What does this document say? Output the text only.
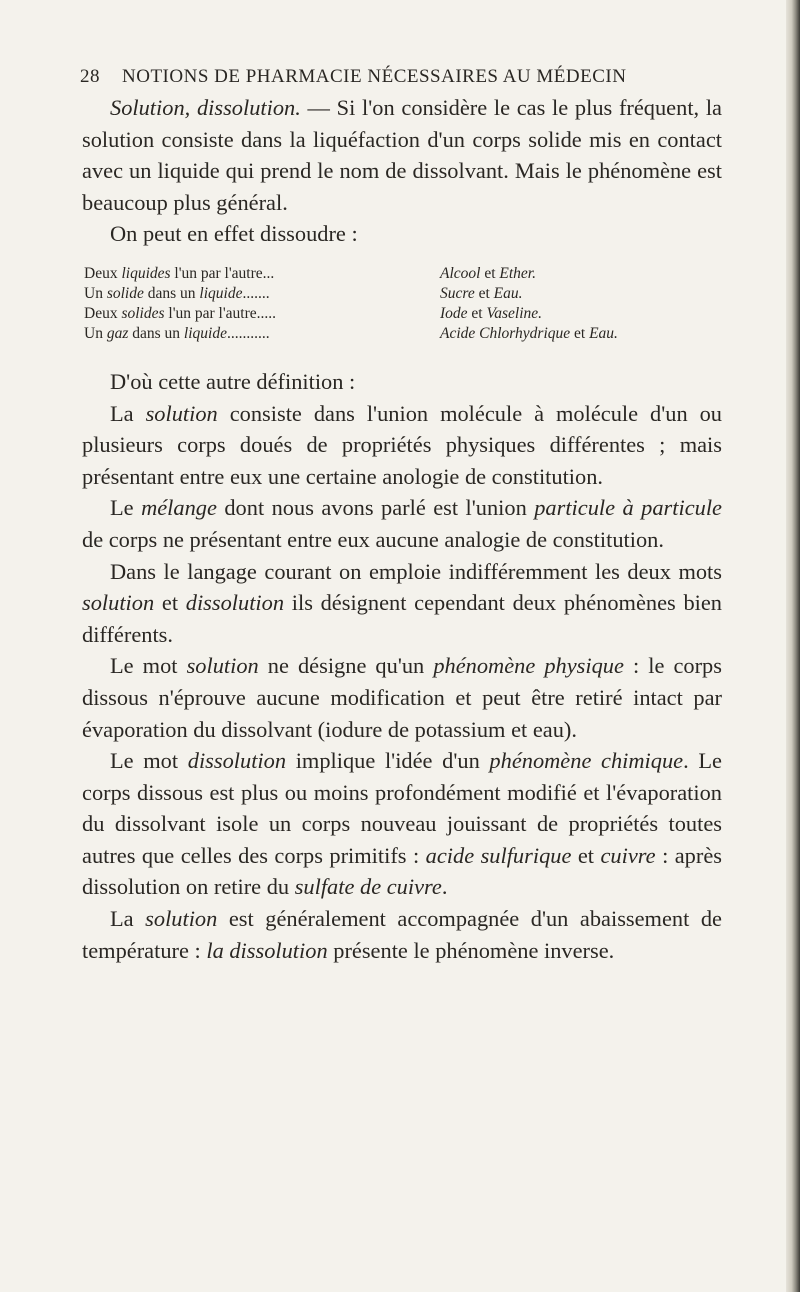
28 NOTIONS DE PHARMACIE NÉCESSAIRES AU MÉDECIN

Solution, dissolution. — Si l'on considère le cas le plus fréquent, la solution consiste dans la liquéfaction d'un corps solide mis en contact avec un liquide qui prend le nom de dissolvant. Mais le phénomène est beaucoup plus général.

On peut en effet dissoudre :

Deux liquides l'un par l'autre...	Alcool et Ether.
Un solide dans un liquide.......	Sucre et Eau.
Deux solides l'un par l'autre.....	Iode et Vaseline.
Un gaz dans un liquide...........	Acide Chlorhydrique et Eau.

D'où cette autre définition :

La solution consiste dans l'union molécule à molécule d'un ou plusieurs corps doués de propriétés physiques différentes ; mais présentant entre eux une certaine anologie de constitution.

Le mélange dont nous avons parlé est l'union particule à particule de corps ne présentant entre eux aucune analogie de constitution.

Dans le langage courant on emploie indifféremment les deux mots solution et dissolution ils désignent cependant deux phénomènes bien différents.

Le mot solution ne désigne qu'un phénomène physique : le corps dissous n'éprouve aucune modification et peut être retiré intact par évaporation du dissolvant (iodure de potassium et eau).

Le mot dissolution implique l'idée d'un phénomène chimique. Le corps dissous est plus ou moins profondément modifié et l'évaporation du dissolvant isole un corps nouveau jouissant de propriétés toutes autres que celles des corps primitifs : acide sulfurique et cuivre : après dissolution on retire du sulfate de cuivre.

La solution est généralement accompagnée d'un abaissement de température : la dissolution présente le phénomène inverse.
